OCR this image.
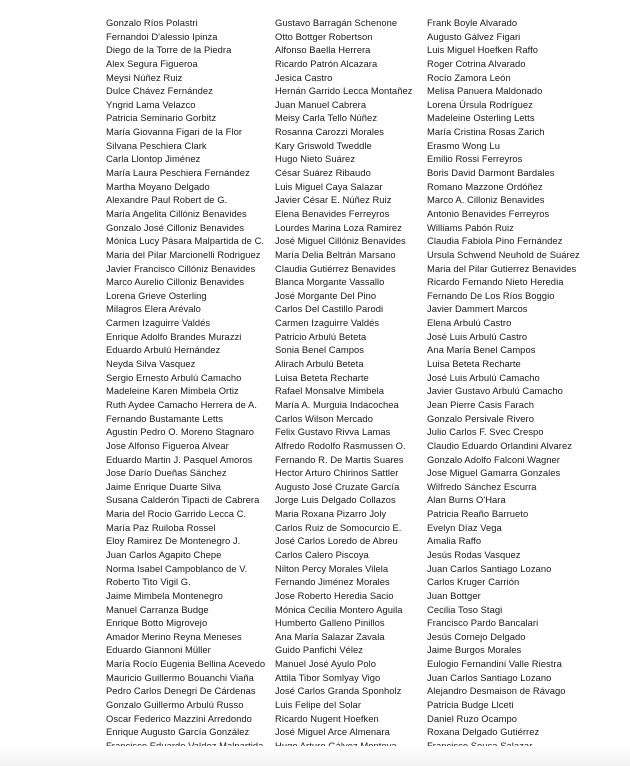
Gonzalo Ríos Polastri
Fernandoi D'alessio Ipinza
Diego de la Torre de la Piedra
Alex Segura Figueroa
Meysi Núñez Ruiz
Dulce Chávez Fernández
Yngrid Lama Velazco
Patricia Seminario Gorbitz
María Giovanna Figari de la Flor
Silvana Peschiera Clark
Carla Llontop Jiménez
María Laura Peschiera Fernández
Martha Moyano Delgado
Alexandre Paul Robert de G.
María Angelita Cillóniz Benavides
Gonzalo José Cilloniz Benavides
Mónica Lucy Pásara Malpartida de C.
Maria del Pilar Marcionelli Rodriguez
Javier Francisco Cillóniz Benavides
Marco Aurelio Cilloniz Benavides
Lorena Grieve Osterling
Milagros Elera Arévalo
Carmen Izaguirre Valdés
Enrique Adolfo Brandes Murazzi
Eduardo Arbulú Hernández
Neyda Silva Vasquez
Sergio Ernesto Arbulú Camacho
Madeleine Karen Mimbela Ortiz
Ruth Aydee Camacho Herrera de A.
Fernando Bustamante Letts
Agustin Pedro O. Moreno Stagnaro
Jose Alfonso Figueroa Alvear
Eduardo Martin J. Pasquel Amoros
Jose Darío Dueñas Sánchez
Jaime Enrique Duarte Silva
Susana Calderón Tipacti de Cabrera
Maria del Rocio Garrido Lecca C.
María Paz Ruiloba Rossel
Eloy Ramirez De Montenegro J.
Juan Carlos Agapito Chepe
Norma Isabel Campoblanco de V.
Roberto Tito Vigil G.
Jaime Mimbela Montenegro
Manuel Carranza Budge
Enrique Botto Migrovejo
Amador Merino Reyna Meneses
Eduardo Giannoni Müller
María Rocío Eugenia Bellina Acevedo
Mauricio Guillermo Bouanchi Viaña
Pedro Carlos Denegri De Cárdenas
Gonzalo Guillermo Arbulú Russo
Oscar Federico Mazzini Arredondo
Enrique Augusto García González
Gustavo Barragán Schenone
Otto Bottger Robertson
Alfonso Baella Herrera
Ricardo Patrón Alcazara
Jesica Castro
Hernán Garrido Lecca Montañez
Juan Manuel Cabrera
Meisy Carla Tello Núñez
Rosanna Carozzi Morales
Kary Griswold Tweddle
Hugo Nieto Suárez
César Suárez Ribaudo
Luis Miguel Caya Salazar
Javier César E. Núñez Ruiz
Elena Benavides Ferreyros
Lourdes Marina Loza Ramirez
José Miguel Cillóniz Benavides
María Delia Beltrán Marsano
Claudia Gutiérrez Benavides
Blanca Morgante Vassallo
José Morgante Del Pino
Carlos Del Castillo Parodi
Carmen Izaguirre Valdés
Patricio Arbulú Beteta
Sonia Benel Campos
Alirach Arbulú Beteta
Luisa Beteta Recharte
Rafael Monsalve Mimbela
María A. Murguia Indacochea
Carlos Wilson Mercado
Felix Gustavo Rivva Lamas
Alfredo Rodolfo Rasmussen O.
Fernando R. De Martis Suares
Hector Arturo Chirinos Sattler
Augusto José Cruzate García
Jorge Luis Delgado Collazos
Maria Roxana Pizarro Joly
Carlos Ruiz de Somocurcio E.
José Carlos Loredo de Abreu
Carlos Calero Piscoya
Nilton Percy Morales Vilela
Fernando Jiménez Morales
Jose Roberto Heredia Sacio
Mónica Cecilia Montero Aguila
Humberto Galleno Pinillos
Ana María Salazar Zavala
Guido Panfichi Vélez
Manuel José Ayulo Polo
Attila Tibor Somlyay Vigo
José Carlos Granda Sponholz
Luis Felipe del Solar
Ricardo Nugent Hoefken
José Miguel Arce Almenara
Frank Boyle Alvarado
Augusto Gálvez Figari
Luis Miguel Hoefken Raffo
Roger Cotrina Alvarado
Rocío Zamora León
Melisa Panuera Maldonado
Lorena Úrsula Rodríguez
Madeleine Osterling Letts
María Cristina Rosas Zarich
Erasmo Wong Lu
Emilio Rossi Ferreyros
Boris David Darmont Bardales
Romano Mazzone Ordóñez
Marco A. Cilloniz Benavides
Antonio Benavides Ferreyros
Williams Pabón Ruiz
Claudia Fabiola Pino Fernández
Ursula Schwend Neuhold de Suárez
Maria del Pilar Gutierrez Benavides
Ricardo Fernando Nieto Heredia
Fernando De Los Ríos Boggio
Javier Dammert Marcos
Elena Arbulú Castro
José Luis Arbulú Castro
Ana María Benel Campos
Luisa Beteta Recharte
José Luis Arbulú Camacho
Javier Gustavo Arbulú Camacho
Jean Pierre Casis Farach
Gonzalo Persivale Rivero
Julio Carlos F. Svec Crespo
Claudio Eduardo Orlandini Alvarez
Gonzalo Adolfo Falconi Wagner
Jose Miguel Gamarra Gonzales
Wilfredo Sánchez Escurra
Alan Burns O'Hara
Patricia Reaño Barrueto
Evelyn Díaz Vega
Amalia Raffo
Jesús Rodas Vasquez
Juan Carlos Santiago Lozano
Carlos Kruger Carrión
Juan Bottger
Cecilia Toso Stagi
Francisco Pardo Bancalari
Jesús Cornejo Delgado
Jaime Burgos Morales
Eulogio Fernandini Valle Riestra
Juan Carlos Santiago Lozano
Alejandro Desmaison de Rávago
Patricia Budge Llceti
Daniel Ruzo Ocampo
Roxana Delgado Gutiérrez
